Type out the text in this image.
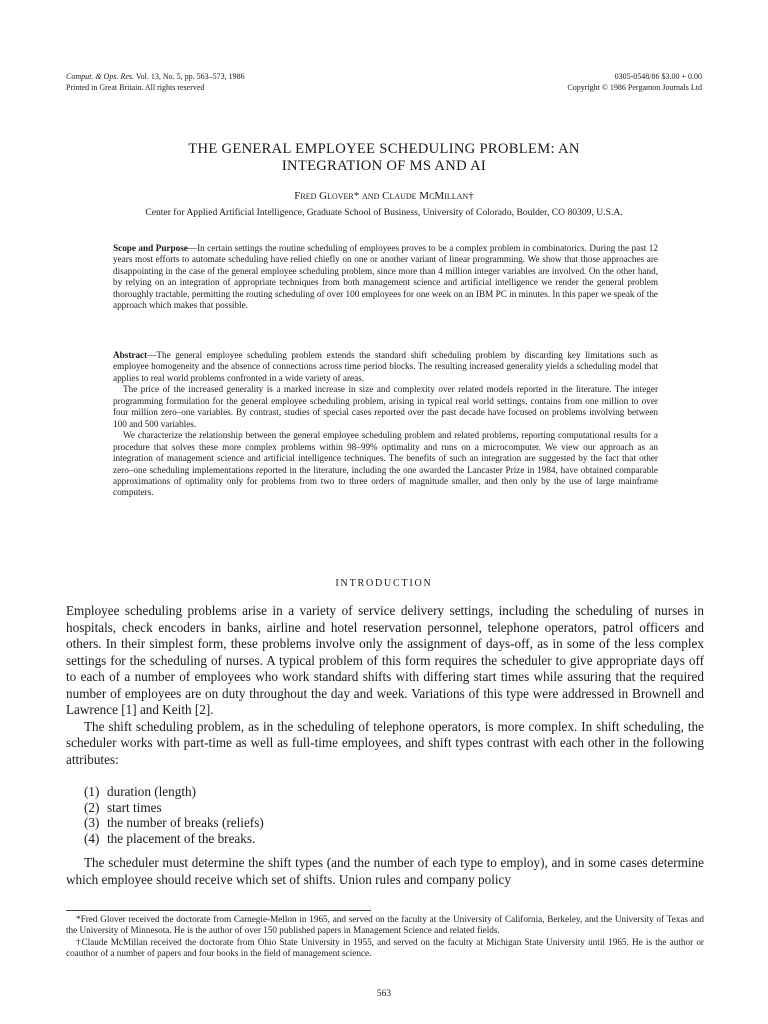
Comput. & Ops. Res. Vol. 13, No. 5, pp. 563–573, 1986
Printed in Great Britain. All rights reserved
0305-0548/86 $3.00 + 0.00
Copyright © 1986 Pergamon Journals Ltd
THE GENERAL EMPLOYEE SCHEDULING PROBLEM: AN
INTEGRATION OF MS AND AI
Fred Glover* and Claude McMillan†
Center for Applied Artificial Intelligence, Graduate School of Business, University of Colorado, Boulder, CO 80309, U.S.A.

Scope and Purpose—In certain settings the routine scheduling of employees proves to be a complex problem in combinatorics. During the past 12 years most efforts to automate scheduling have relied chiefly on one or another variant of linear programming. We show that those approaches are disappointing in the case of the general employee scheduling problem, since more than 4 million integer variables are involved. On the other hand, by relying on an integration of appropriate techniques from both management science and artificial intelligence we render the general problem thoroughly tractable, permitting the routing scheduling of over 100 employees for one week on an IBM PC in minutes. In this paper we speak of the approach which makes that possible.

Abstract—The general employee scheduling problem extends the standard shift scheduling problem by discarding key limitations such as employee homogeneity and the absence of connections across time period blocks. The resulting increased generality yields a scheduling model that applies to real world problems confronted in a wide variety of areas.

The price of the increased generality is a marked increase in size and complexity over related models reported in the literature. The integer programming formulation for the general employee scheduling problem, arising in typical real world settings, contains from one million to over four million zero–one variables. By contrast, studies of special cases reported over the past decade have focused on problems involving between 100 and 500 variables.

We characterize the relationship between the general employee scheduling problem and related problems, reporting computational results for a procedure that solves these more complex problems within 98–99% optimality and runs on a microcomputer. We view our approach as an integration of management science and artificial intelligence techniques. The benefits of such an integration are suggested by the fact that other zero–one scheduling implementations reported in the literature, including the one awarded the Lancaster Prize in 1984, have obtained comparable approximations of optimality only for problems from two to three orders of magnitude smaller, and then only by the use of large mainframe computers.

INTRODUCTION

Employee scheduling problems arise in a variety of service delivery settings, including the scheduling of nurses in hospitals, check encoders in banks, airline and hotel reservation personnel, telephone operators, patrol officers and others. In their simplest form, these problems involve only the assignment of days-off, as in some of the less complex settings for the scheduling of nurses. A typical problem of this form requires the scheduler to give appropriate days off to each of a number of employees who work standard shifts with differing start times while assuring that the required number of employees are on duty throughout the day and week. Variations of this type were addressed in Brownell and Lawrence [1] and Keith [2].

The shift scheduling problem, as in the scheduling of telephone operators, is more complex. In shift scheduling, the scheduler works with part-time as well as full-time employees, and shift types contrast with each other in the following attributes:

(1) duration (length)
(2) start times
(3) the number of breaks (reliefs)
(4) the placement of the breaks.

The scheduler must determine the shift types (and the number of each type to employ), and in some cases determine which employee should receive which set of shifts. Union rules and company policy

*Fred Glover received the doctorate from Carnegie-Mellon in 1965, and served on the faculty at the University of California, Berkeley, and the University of Texas and the University of Minnesota. He is the author of over 150 published papers in Management Science and related fields.

†Claude McMillan received the doctorate from Ohio State University in 1955, and served on the faculty at Michigan State University until 1965. He is the author or coauthor of a number of papers and four books in the field of management science.

563
